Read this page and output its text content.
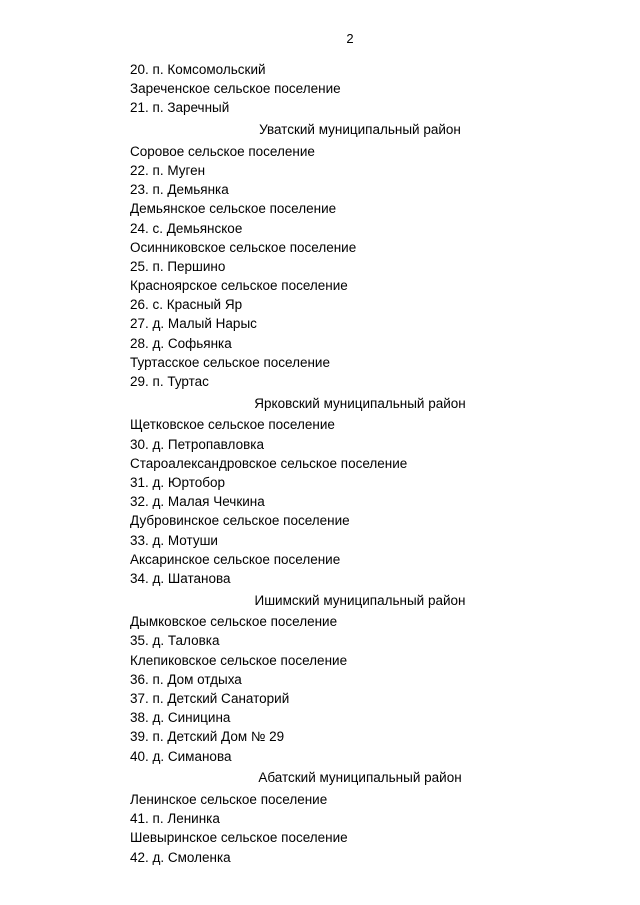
2
20. п. Комсомольский
Зареченское сельское поселение
21. п. Заречный
Уватский муниципальный район
Соровое сельское поселение
22. п. Муген
23. п. Демьянка
Демьянское сельское поселение
24. с. Демьянское
Осинниковское сельское поселение
25. п. Першино
Красноярское сельское поселение
26. с. Красный Яр
27. д. Малый Нарыс
28. д. Софьянка
Туртасское сельское поселение
29. п. Туртас
Ярковский муниципальный район
Щетковское сельское поселение
30. д. Петропавловка
Староалександровское сельское поселение
31. д. Юртобор
32. д. Малая Чечкина
Дубровинское сельское поселение
33. д. Мотуши
Аксаринское сельское поселение
34. д. Шатанова
Ишимский муниципальный район
Дымковское сельское поселение
35. д. Таловка
Клепиковское сельское поселение
36. п. Дом отдыха
37. п. Детский Санаторий
38. д. Синицина
39. п. Детский Дом № 29
40. д. Симанова
Абатский муниципальный район
Ленинское сельское поселение
41. п. Ленинка
Шевыринское сельское поселение
42. д. Смоленка
